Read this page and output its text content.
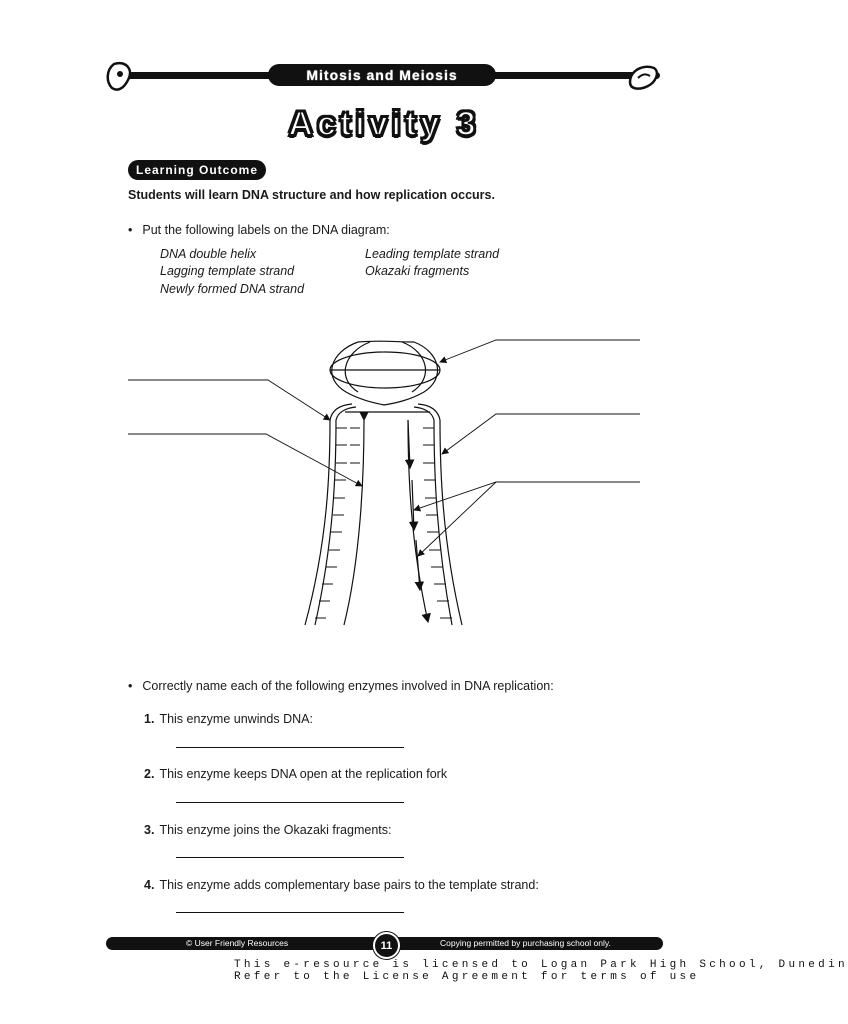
Mitosis and Meiosis
Activity 3
Learning Outcome
Students will learn DNA structure and how replication occurs.
• Put the following labels on the DNA diagram:
DNA double helix	Leading template strand
Lagging template strand	Okazaki fragments
Newly formed DNA strand
• Correctly name each of the following enzymes involved in DNA replication:
1. This enzyme unwinds DNA:
2. This enzyme keeps DNA open at the replication fork
3. This enzyme joins the Okazaki fragments:
4. This enzyme adds complementary base pairs to the template strand:
© User Friendly Resources	Copying permitted by purchasing school only.
11
This e-resource is licensed to Logan Park High School, Dunedin
Refer to the License Agreement for terms of use
